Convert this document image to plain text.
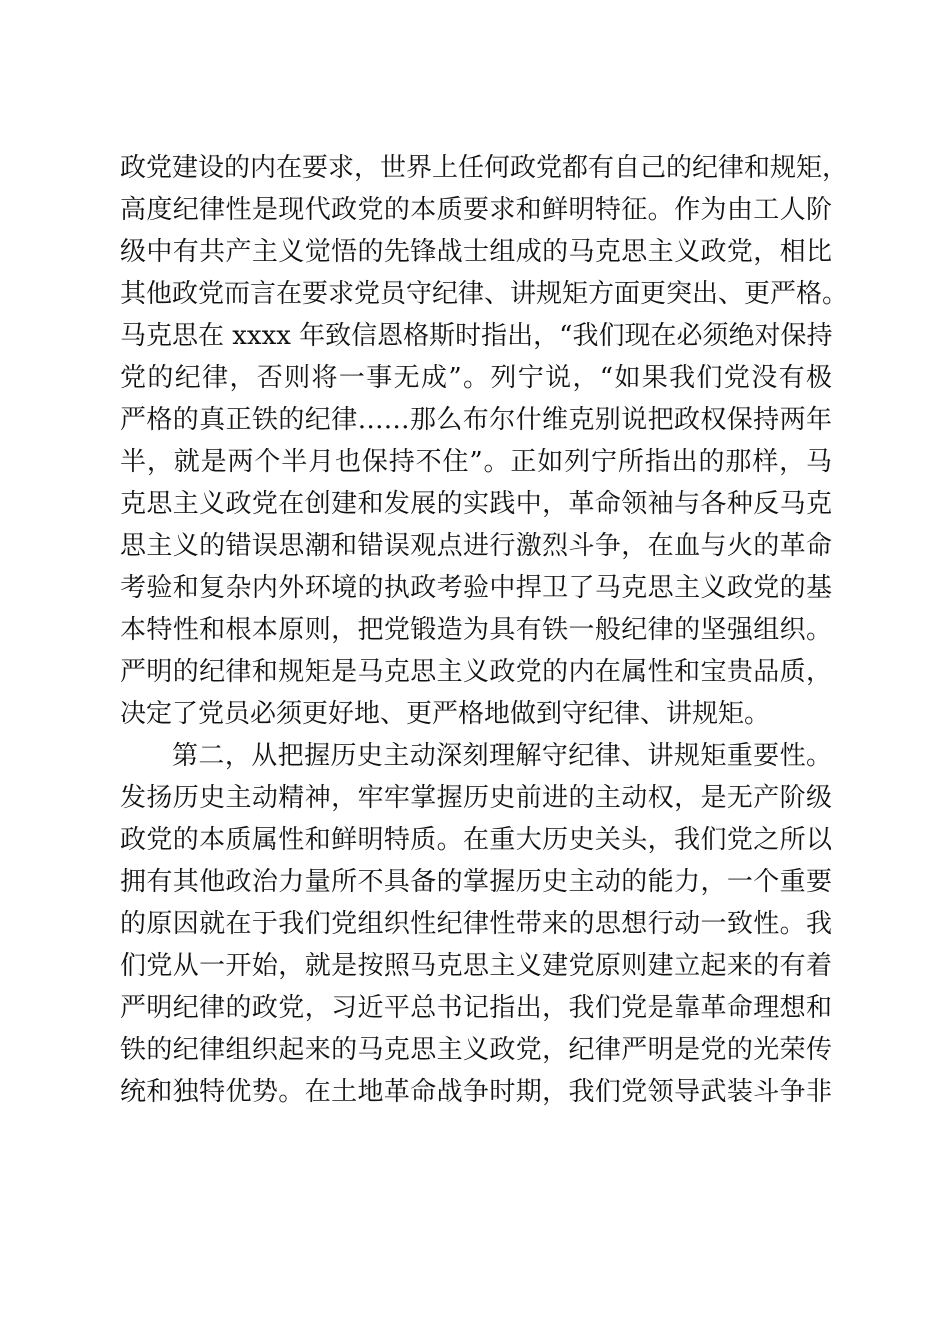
政党建设的内在要求，世界上任何政党都有自己的纪律和规矩，
高度纪律性是现代政党的本质要求和鲜明特征。作为由工人阶
级中有共产主义觉悟的先锋战士组成的马克思主义政党，相比
其他政党而言在要求党员守纪律、讲规矩方面更突出、更严格。
马克思在 xxxx 年致信恩格斯时指出，“我们现在必须绝对保持
党的纪律，否则将一事无成”。列宁说，“如果我们党没有极
严格的真正铁的纪律……那么布尔什维克别说把政权保持两年
半，就是两个半月也保持不住”。正如列宁所指出的那样，马
克思主义政党在创建和发展的实践中，革命领袖与各种反马克
思主义的错误思潮和错误观点进行激烈斗争，在血与火的革命
考验和复杂内外环境的执政考验中捍卫了马克思主义政党的基
本特性和根本原则，把党锻造为具有铁一般纪律的坚强组织。
严明的纪律和规矩是马克思主义政党的内在属性和宝贵品质，
决定了党员必须更好地、更严格地做到守纪律、讲规矩。
第二，从把握历史主动深刻理解守纪律、讲规矩重要性。
发扬历史主动精神，牢牢掌握历史前进的主动权，是无产阶级
政党的本质属性和鲜明特质。在重大历史关头，我们党之所以
拥有其他政治力量所不具备的掌握历史主动的能力，一个重要
的原因就在于我们党组织性纪律性带来的思想行动一致性。我
们党从一开始，就是按照马克思主义建党原则建立起来的有着
严明纪律的政党，习近平总书记指出，我们党是靠革命理想和
铁的纪律组织起来的马克思主义政党，纪律严明是党的光荣传
统和独特优势。在土地革命战争时期，我们党领导武装斗争非
